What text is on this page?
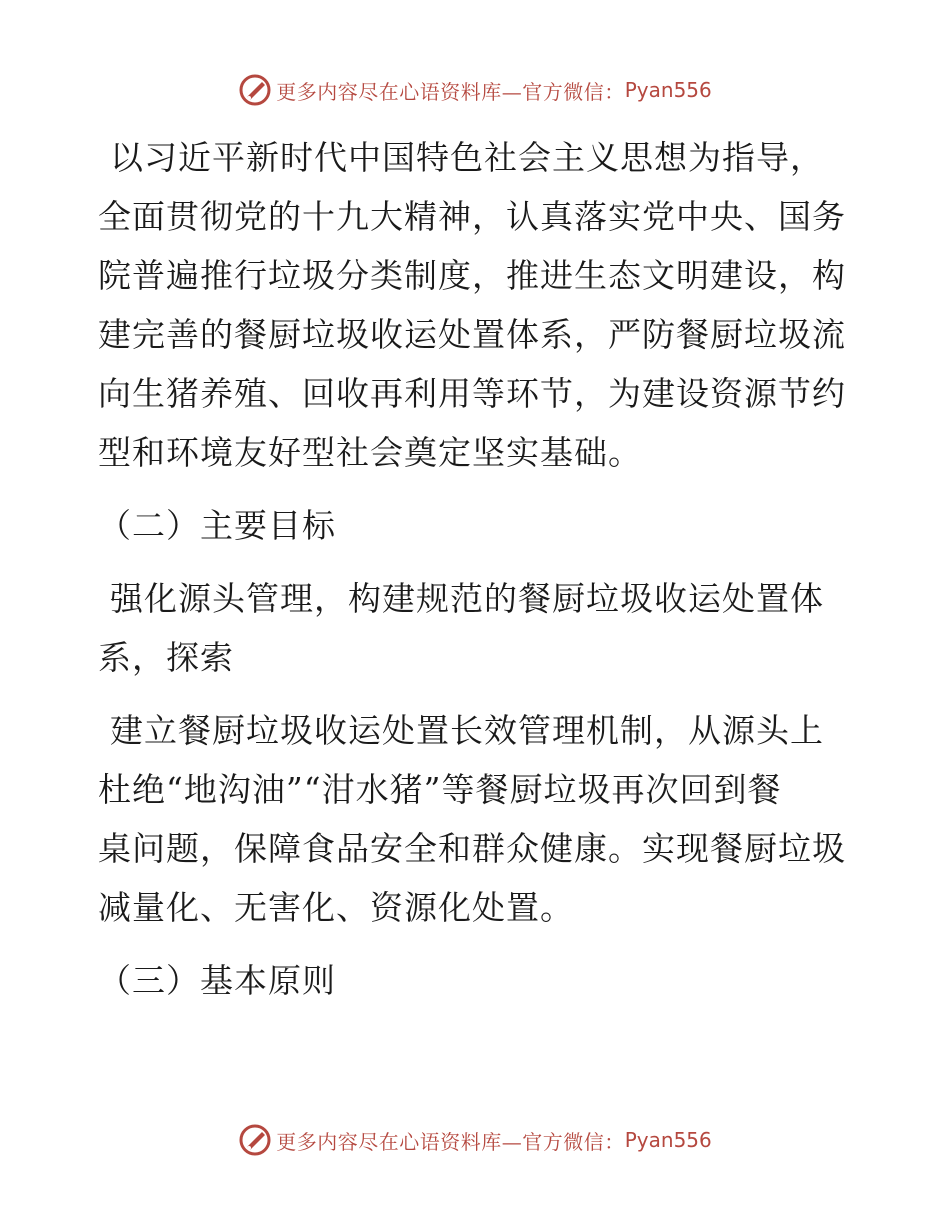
更多内容尽在心语资料库—官方微信： Pyan556

以习近平新时代中国特色社会主义思想为指导，

全面贯彻党的十九大精神，认真落实党中央、国务

院普遍推行垃圾分类制度，推进生态文明建设，构

建完善的餐厨垃圾收运处置体系，严防餐厨垃圾流

向生猪养殖、回收再利用等环节，为建设资源节约

型和环境友好型社会奠定坚实基础。

（二）主要目标

强化源头管理，构建规范的餐厨垃圾收运处置体

系，探索

建立餐厨垃圾收运处置长效管理机制，从源头上

杜绝“地沟油”“泔水猪”等餐厨垃圾再次回到餐

桌问题，保障食品安全和群众健康。实现餐厨垃圾

减量化、无害化、资源化处置。

（三）基本原则

更多内容尽在心语资料库—官方微信： Pyan556
